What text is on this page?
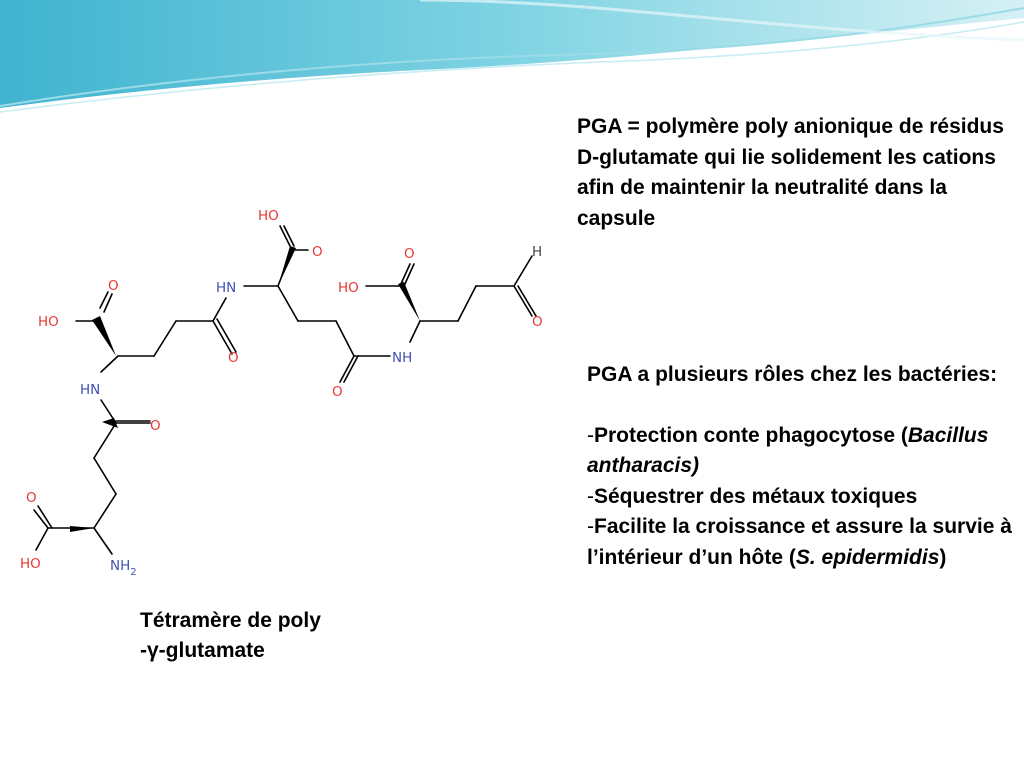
HO
O	HN
HO
O
O
H
O
HO
O
O
O
NH
HN
O
HO	$NH_2$
PGA = polymère poly anionique de résidus D-glutamate qui lie solidement les cations afin de maintenir la neutralité dans la capsule
PGA a plusieurs rôles chez les bactéries:
-Protection conte phagocytose (Bacillus antharacis)
-Séquestrer des métaux toxiques
-Facilite la croissance et assure la survie à l’intérieur d’un hôte (S. epidermidis)
Tétramère de poly
-γ-glutamate
